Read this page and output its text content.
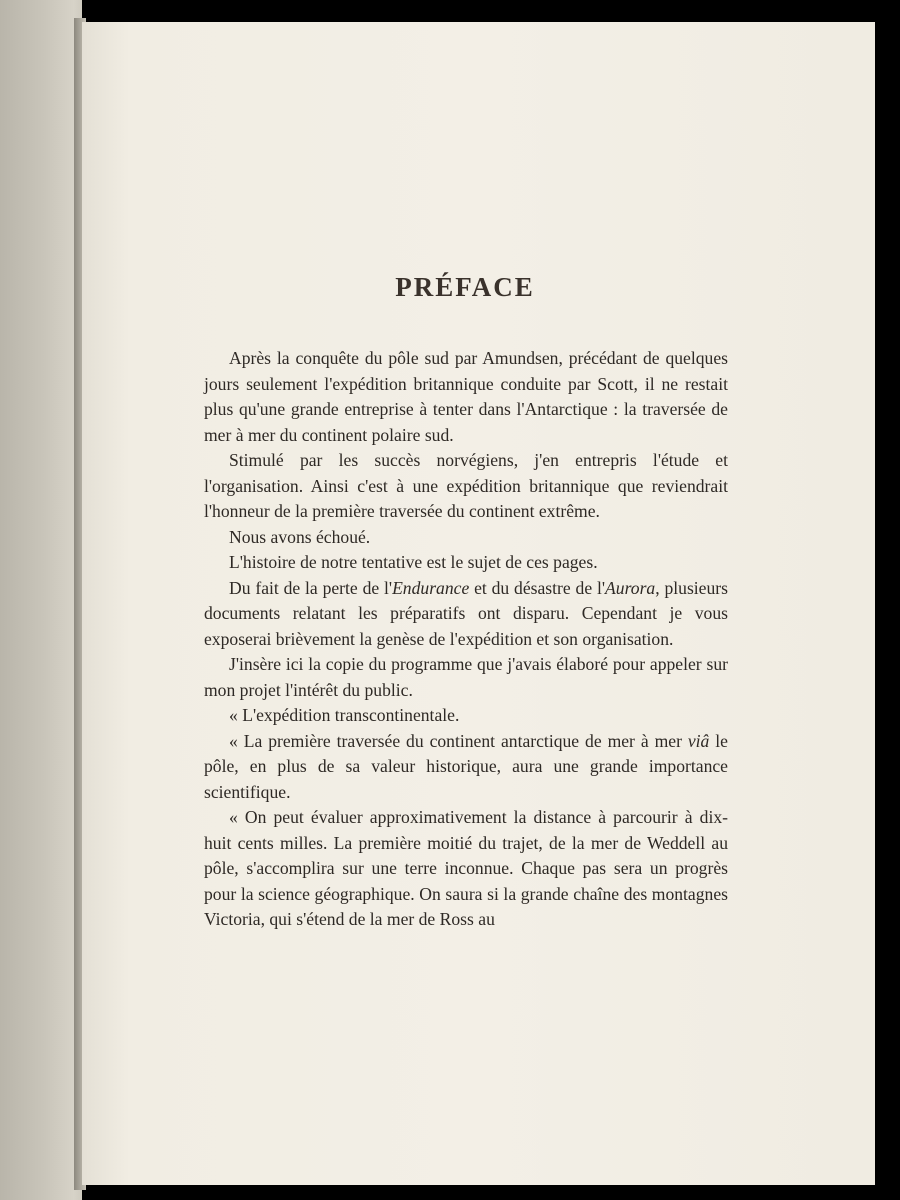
PRÉFACE

Après la conquête du pôle sud par Amundsen, précédant de quelques jours seulement l'expédition britannique conduite par Scott, il ne restait plus qu'une grande entreprise à tenter dans l'Antarctique : la traversée de mer à mer du continent polaire sud.

Stimulé par les succès norvégiens, j'en entrepris l'étude et l'organisation. Ainsi c'est à une expédition britannique que reviendrait l'honneur de la première traversée du continent extrême.

Nous avons échoué.

L'histoire de notre tentative est le sujet de ces pages.

Du fait de la perte de l'Endurance et du désastre de l'Aurora, plusieurs documents relatant les préparatifs ont disparu. Cependant je vous exposerai brièvement la genèse de l'expédition et son organisation.

J'insère ici la copie du programme que j'avais élaboré pour appeler sur mon projet l'intérêt du public.

« L'expédition transcontinentale.

« La première traversée du continent antarctique de mer à mer viâ le pôle, en plus de sa valeur historique, aura une grande importance scientifique.

« On peut évaluer approximativement la distance à parcourir à dix-huit cents milles. La première moitié du trajet, de la mer de Weddell au pôle, s'accomplira sur une terre inconnue. Chaque pas sera un progrès pour la science géographique. On saura si la grande chaîne des montagnes Victoria, qui s'étend de la mer de Ross au
